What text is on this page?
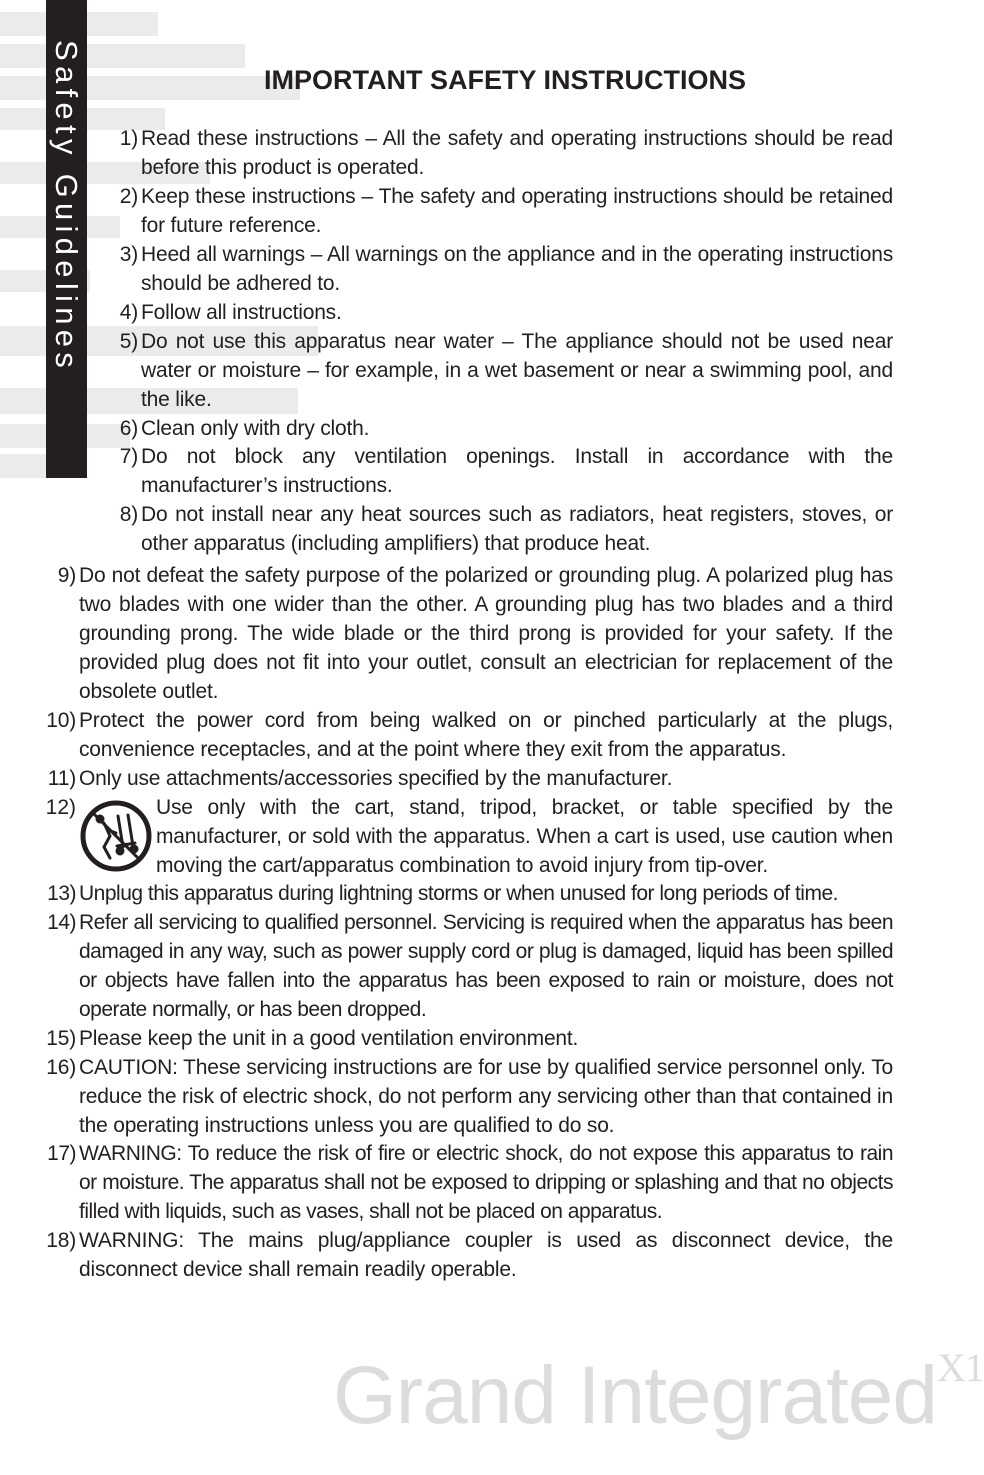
Safety Guidelines	IMPORTANT SAFETY INSTRUCTIONS
1) Read these instructions – All the safety and operating instructions should be read before this product is operated.
2) Keep these instructions – The safety and operating instructions should be retained for future reference.
3) Heed all warnings – All warnings on the appliance and in the operating instructions should be adhered to.
4) Follow all instructions.
5) Do not use this apparatus near water – The appliance should not be used near water or moisture – for example, in a wet basement or near a swimming pool, and the like.
6) Clean only with dry cloth.
7) Do not block any ventilation openings. Install in accordance with the manufacturer’s instructions.
8) Do not install near any heat sources such as radiators, heat registers, stoves, or other apparatus (including amplifiers) that produce heat.
9) Do not defeat the safety purpose of the polarized or grounding plug. A polarized plug has two blades with one wider than the other. A grounding plug has two blades and a third grounding prong. The wide blade or the third prong is provided for your safety. If the provided plug does not fit into your outlet, consult an electrician for replacement of the obsolete outlet.
10) Protect the power cord from being walked on or pinched particularly at the plugs, convenience receptacles, and at the point where they exit from the apparatus.
11) Only use attachments/accessories specified by the manufacturer.
12)	Use only with the cart, stand, tripod, bracket, or table specified by the manufacturer, or sold with the apparatus. When a cart is used, use caution when moving the cart/apparatus combination to avoid injury from tip-over.
13) Unplug this apparatus during lightning storms or when unused for long periods of time.
14) Refer all servicing to qualified personnel. Servicing is required when the apparatus has been damaged in any way, such as power supply cord or plug is damaged, liquid has been spilled or objects have fallen into the apparatus has been exposed to rain or moisture, does not operate normally, or has been dropped.
15) Please keep the unit in a good ventilation environment.
16) CAUTION: These servicing instructions are for use by qualified service personnel only. To reduce the risk of electric shock, do not perform any servicing other than that contained in the operating instructions unless you are qualified to do so.
17) WARNING: To reduce the risk of fire or electric shock, do not expose this apparatus to rain or moisture. The apparatus shall not be exposed to dripping or splashing and that no objects filled with liquids, such as vases, shall not be placed on apparatus.
18) WARNING: The mains plug/appliance coupler is used as disconnect device, the disconnect device shall remain readily operable.
Grand Integrated$^{X1}$
